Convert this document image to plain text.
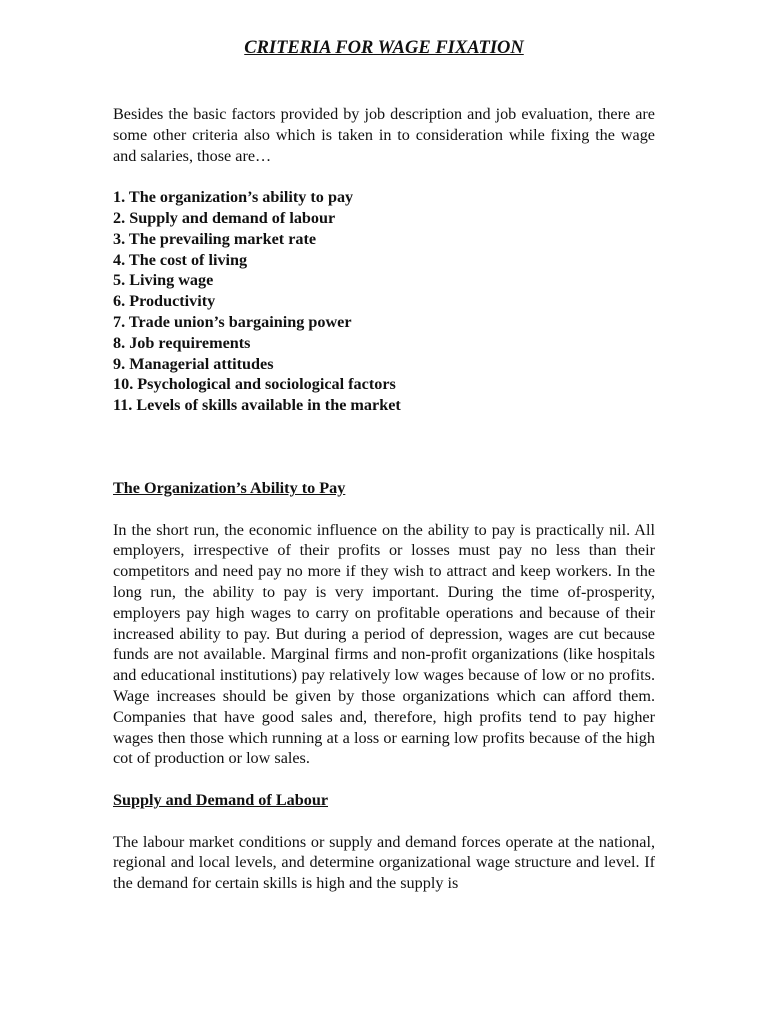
CRITERIA FOR WAGE FIXATION

Besides the basic factors provided by job description and job evaluation, there are some other criteria also which is taken in to consideration while fixing the wage and salaries, those are…

1. The organization’s ability to pay
2. Supply and demand of labour
3. The prevailing market rate
4. The cost of living
5. Living wage
6. Productivity
7. Trade union’s bargaining power
8. Job requirements
9. Managerial attitudes
10. Psychological and sociological factors
11. Levels of skills available in the market
The Organization’s Ability to Pay

In the short run, the economic influence on the ability to pay is practically nil. All employers, irrespective of their profits or losses must pay no less than their competitors and need pay no more if they wish to attract and keep workers. In the long run, the ability to pay is very important. During the time of-prosperity, employers pay high wages to carry on profitable operations and because of their increased ability to pay. But during a period of depression, wages are cut because funds are not available. Marginal firms and non-profit organizations (like hospitals and educational institutions) pay relatively low wages because of low or no profits. Wage increases should be given by those organizations which can afford them. Companies that have good sales and, therefore, high profits tend to pay higher wages then those which running at a loss or earning low profits because of the high cot of production or low sales.

Supply and Demand of Labour

The labour market conditions or supply and demand forces operate at the national, regional and local levels, and determine organizational wage structure and level. If the demand for certain skills is high and the supply is
